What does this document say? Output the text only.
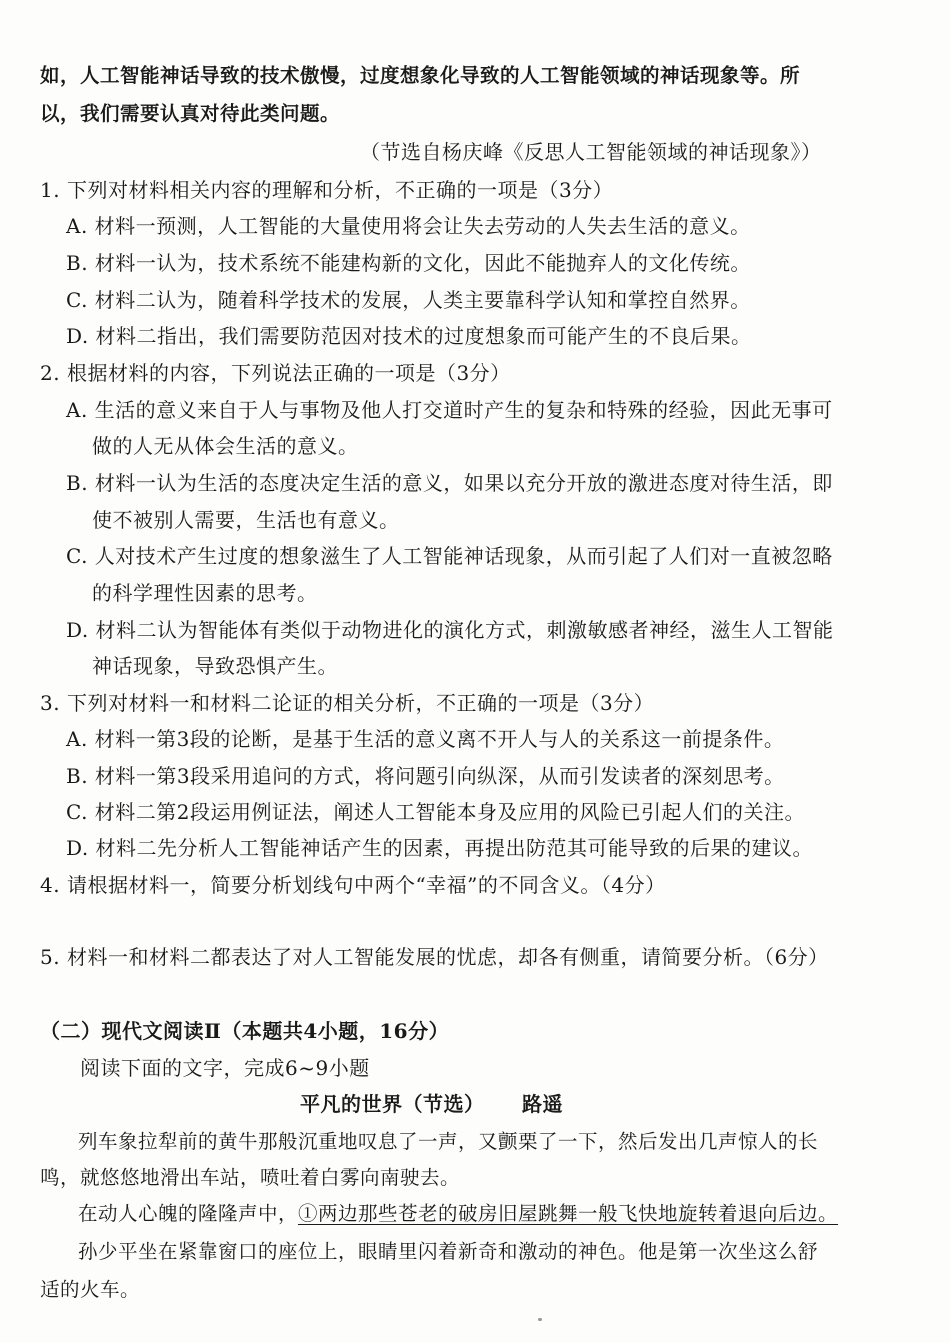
如，人工智能神话导致的技术傲慢，过度想象化导致的人工智能领域的神话现象等。所
以，我们需要认真对待此类问题。
（节选自杨庆峰《反思人工智能领域的神话现象》）
1. 下列对材料相关内容的理解和分析，不正确的一项是（3分）
A. 材料一预测，人工智能的大量使用将会让失去劳动的人失去生活的意义。
B. 材料一认为，技术系统不能建构新的文化，因此不能抛弃人的文化传统。
C. 材料二认为，随着科学技术的发展，人类主要靠科学认知和掌控自然界。
D. 材料二指出，我们需要防范因对技术的过度想象而可能产生的不良后果。
2. 根据材料的内容，下列说法正确的一项是（3分）
A. 生活的意义来自于人与事物及他人打交道时产生的复杂和特殊的经验，因此无事可
做的人无从体会生活的意义。
B. 材料一认为生活的态度决定生活的意义，如果以充分开放的激进态度对待生活，即
使不被别人需要，生活也有意义。
C. 人对技术产生过度的想象滋生了人工智能神话现象，从而引起了人们对一直被忽略
的科学理性因素的思考。
D. 材料二认为智能体有类似于动物进化的演化方式，刺激敏感者神经，滋生人工智能
神话现象，导致恐惧产生。
3. 下列对材料一和材料二论证的相关分析，不正确的一项是（3分）
A. 材料一第3段的论断，是基于生活的意义离不开人与人的关系这一前提条件。
B. 材料一第3段采用追问的方式，将问题引向纵深，从而引发读者的深刻思考。
C. 材料二第2段运用例证法，阐述人工智能本身及应用的风险已引起人们的关注。
D. 材料二先分析人工智能神话产生的因素，再提出防范其可能导致的后果的建议。
4. 请根据材料一，简要分析划线句中两个“幸福”的不同含义。（4分）
5. 材料一和材料二都表达了对人工智能发展的忧虑，却各有侧重，请简要分析。（6分）
（二）现代文阅读Ⅱ（本题共4小题，16分）
阅读下面的文字，完成6~9小题
平凡的世界（节选） 路遥
列车象拉犁前的黄牛那般沉重地叹息了一声，又颤栗了一下，然后发出几声惊人的长
鸣，就悠悠地滑出车站，喷吐着白雾向南驶去。
在动人心魄的隆隆声中，①两边那些苍老的破房旧屋跳舞一般飞快地旋转着退向后边。
孙少平坐在紧靠窗口的座位上，眼睛里闪着新奇和激动的神色。他是第一次坐这么舒
适的火车。
